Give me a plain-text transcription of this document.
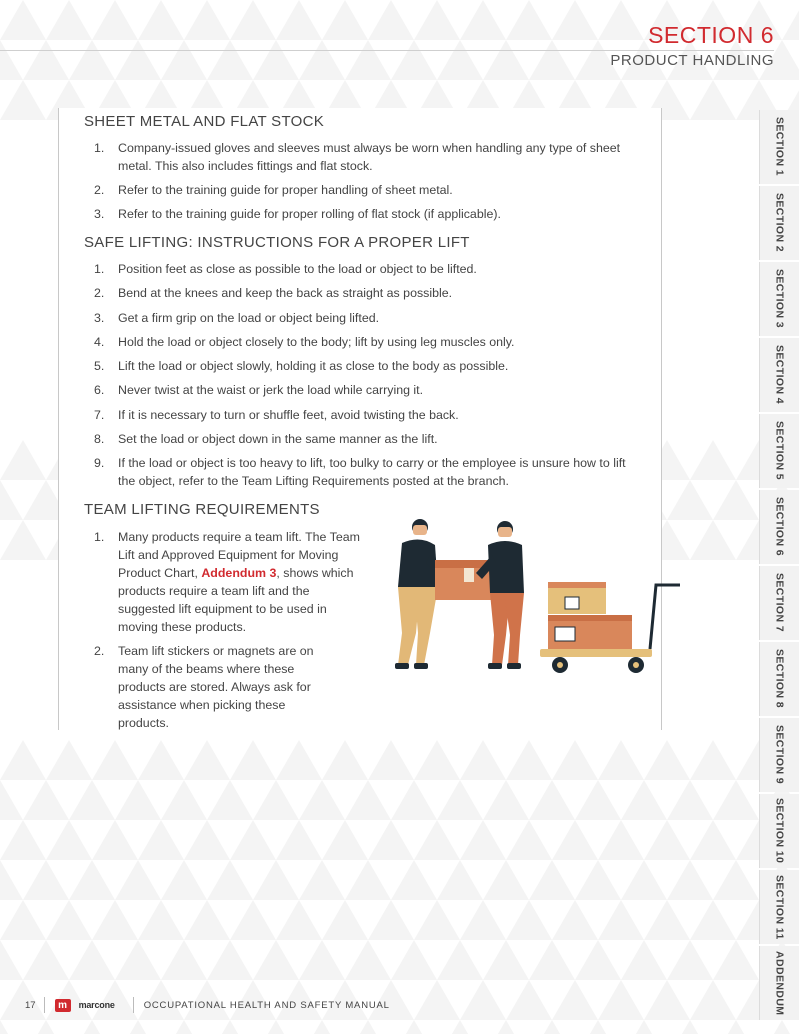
SECTION 6
PRODUCT HANDLING
SHEET METAL AND FLAT STOCK
1.	Company-issued gloves and sleeves must always be worn when handling any type of sheet metal. This also includes fittings and flat stock.
2.	Refer to the training guide for proper handling of sheet metal.
3.	Refer to the training guide for proper rolling of flat stock (if applicable).
SAFE LIFTING: INSTRUCTIONS FOR A PROPER LIFT
1.	Position feet as close as possible to the load or object to be lifted.
2.	Bend at the knees and keep the back as straight as possible.
3.	Get a firm grip on the load or object being lifted.
4.	Hold the load or object closely to the body; lift by using leg muscles only.
5.	Lift the load or object slowly, holding it as close to the body as possible.
6.	Never twist at the waist or jerk the load while carrying it.
7.	If it is necessary to turn or shuffle feet, avoid twisting the back.
8.	Set the load or object down in the same manner as the lift.
9.	If the load or object is too heavy to lift, too bulky to carry or the employee is unsure how to lift the object, refer to the Team Lifting Requirements posted at the branch.
TEAM LIFTING REQUIREMENTS
1.	Many products require a team lift. The Team Lift and Approved Equipment for Moving Product Chart, Addendum 3, shows which products require a team lift and the suggested lift equipment to be used in moving these products.
2.	Team lift stickers or magnets are on many of the beams where these products are stored. Always ask for assistance when picking these products.
SECTION 1
SECTION 2
SECTION 3
SECTION 4
SECTION 5
SECTION 6
SECTION 7
SECTION 8
SECTION 9
SECTION 10
SECTION 11
ADDENDUM
17	m	marcone	OCCUPATIONAL HEALTH AND SAFETY MANUAL
